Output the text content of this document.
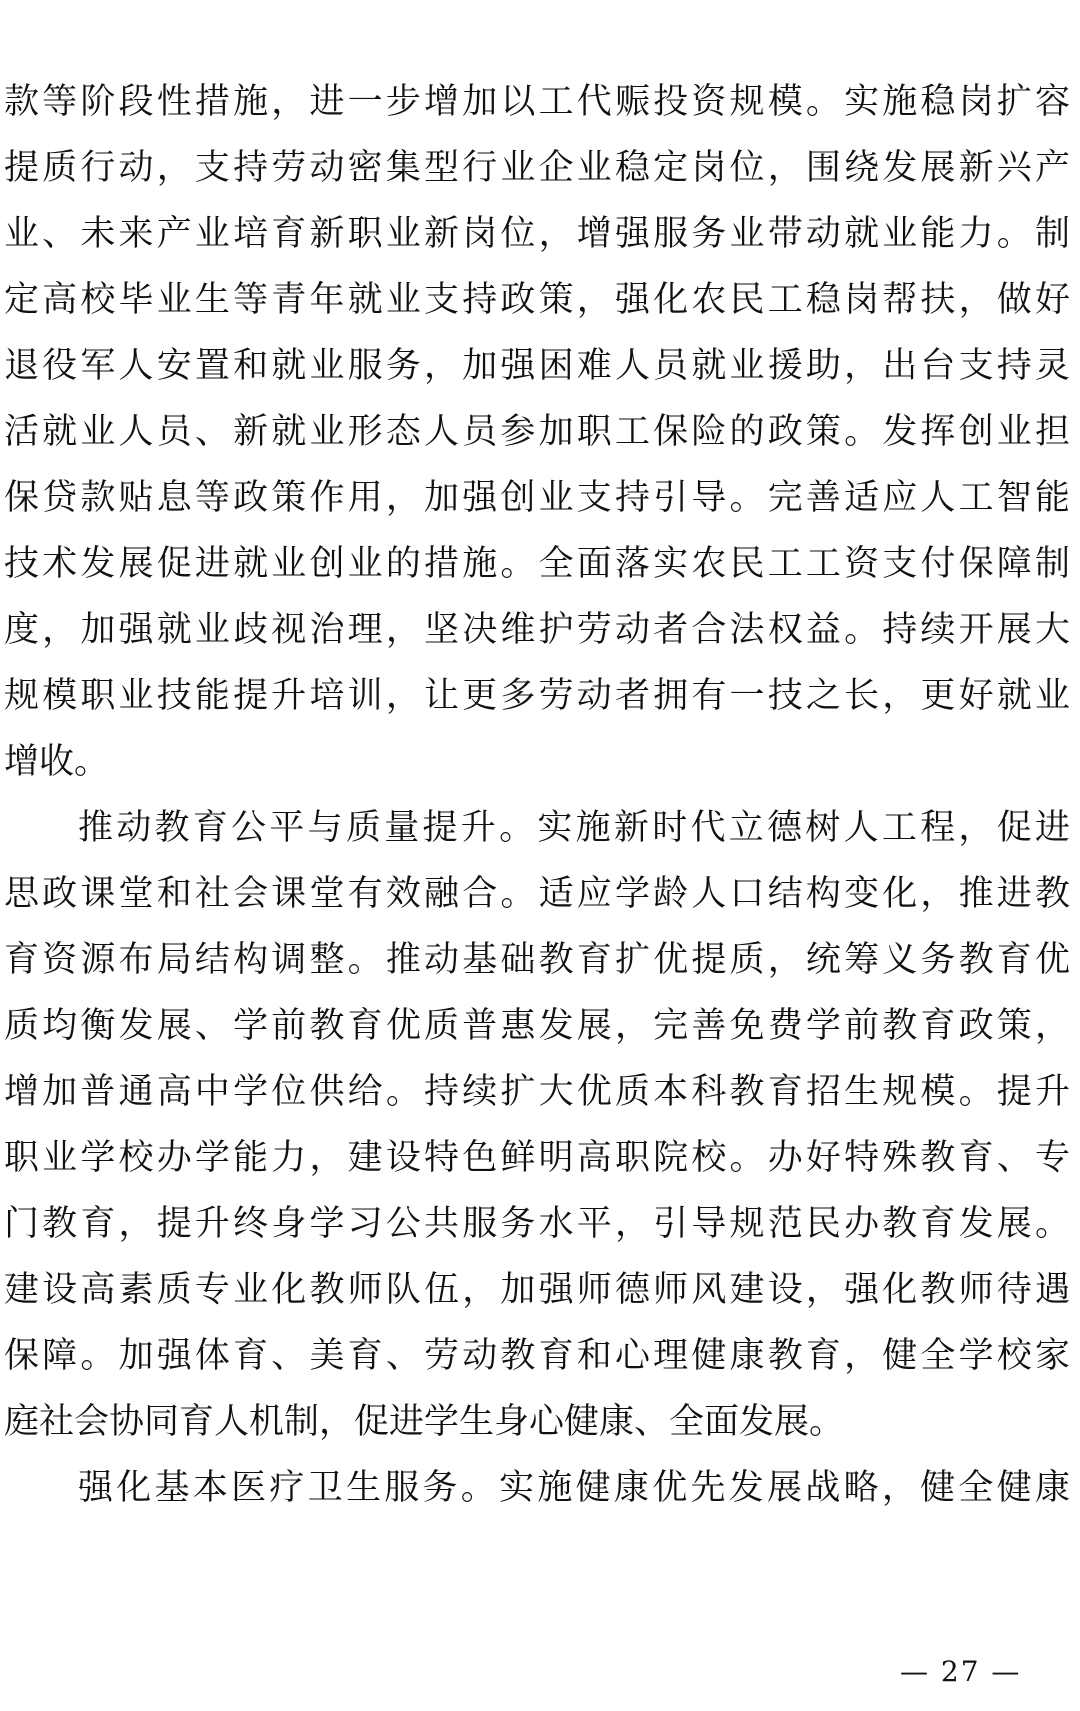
款等阶段性措施，进一步增加以工代赈投资规模。实施稳岗扩容
提质行动，支持劳动密集型行业企业稳定岗位，围绕发展新兴产
业、未来产业培育新职业新岗位，增强服务业带动就业能力。制
定高校毕业生等青年就业支持政策，强化农民工稳岗帮扶，做好
退役军人安置和就业服务，加强困难人员就业援助，出台支持灵
活就业人员、新就业形态人员参加职工保险的政策。发挥创业担
保贷款贴息等政策作用，加强创业支持引导。完善适应人工智能
技术发展促进就业创业的措施。全面落实农民工工资支付保障制
度，加强就业歧视治理，坚决维护劳动者合法权益。持续开展大
规模职业技能提升培训，让更多劳动者拥有一技之长，更好就业
增收。
推动教育公平与质量提升。实施新时代立德树人工程，促进
思政课堂和社会课堂有效融合。适应学龄人口结构变化，推进教
育资源布局结构调整。推动基础教育扩优提质，统筹义务教育优
质均衡发展、学前教育优质普惠发展，完善免费学前教育政策，
增加普通高中学位供给。持续扩大优质本科教育招生规模。提升
职业学校办学能力，建设特色鲜明高职院校。办好特殊教育、专
门教育，提升终身学习公共服务水平，引导规范民办教育发展。
建设高素质专业化教师队伍，加强师德师风建设，强化教师待遇
保障。加强体育、美育、劳动教育和心理健康教育，健全学校家
庭社会协同育人机制，促进学生身心健康、全面发展。
强化基本医疗卫生服务。实施健康优先发展战略，健全健康
— 27 —
